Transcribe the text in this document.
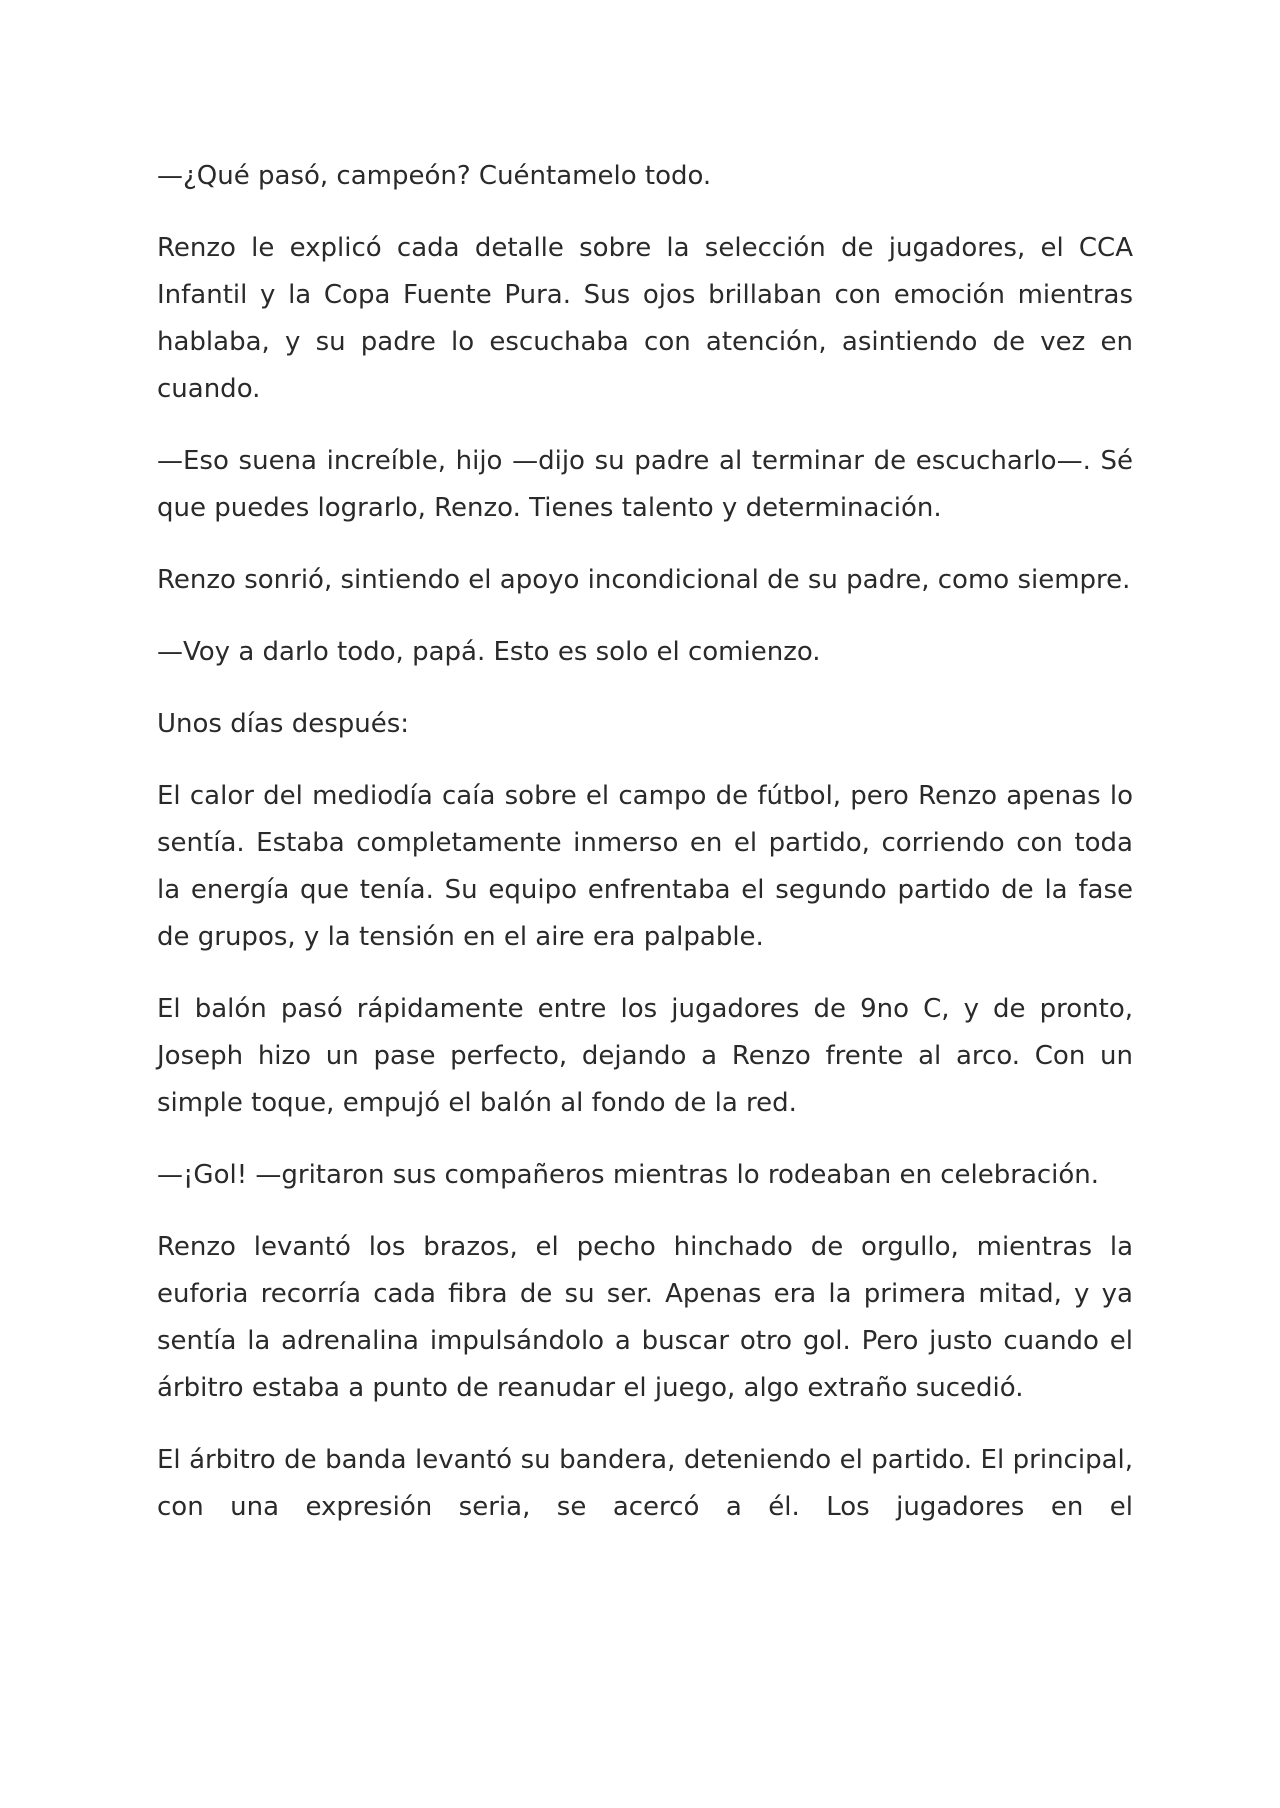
—¿Qué pasó, campeón? Cuéntamelo todo.

Renzo le explicó cada detalle sobre la selección de jugadores, el CCA Infantil y la Copa Fuente Pura. Sus ojos brillaban con emoción mientras hablaba, y su padre lo escuchaba con atención, asintiendo de vez en cuando.

—Eso suena increíble, hijo —dijo su padre al terminar de escucharlo—. Sé que puedes lograrlo, Renzo. Tienes talento y determinación.

Renzo sonrió, sintiendo el apoyo incondicional de su padre, como siempre.

—Voy a darlo todo, papá. Esto es solo el comienzo.

Unos días después:

El calor del mediodía caía sobre el campo de fútbol, pero Renzo apenas lo sentía. Estaba completamente inmerso en el partido, corriendo con toda la energía que tenía. Su equipo enfrentaba el segundo partido de la fase de grupos, y la tensión en el aire era palpable.

El balón pasó rápidamente entre los jugadores de 9no C, y de pronto, Joseph hizo un pase perfecto, dejando a Renzo frente al arco. Con un simple toque, empujó el balón al fondo de la red.

—¡Gol! —gritaron sus compañeros mientras lo rodeaban en celebración.

Renzo levantó los brazos, el pecho hinchado de orgullo, mientras la euforia recorría cada fibra de su ser. Apenas era la primera mitad, y ya sentía la adrenalina impulsándolo a buscar otro gol. Pero justo cuando el árbitro estaba a punto de reanudar el juego, algo extraño sucedió.

El árbitro de banda levantó su bandera, deteniendo el partido. El principal, con una expresión seria, se acercó a él. Los jugadores en el
